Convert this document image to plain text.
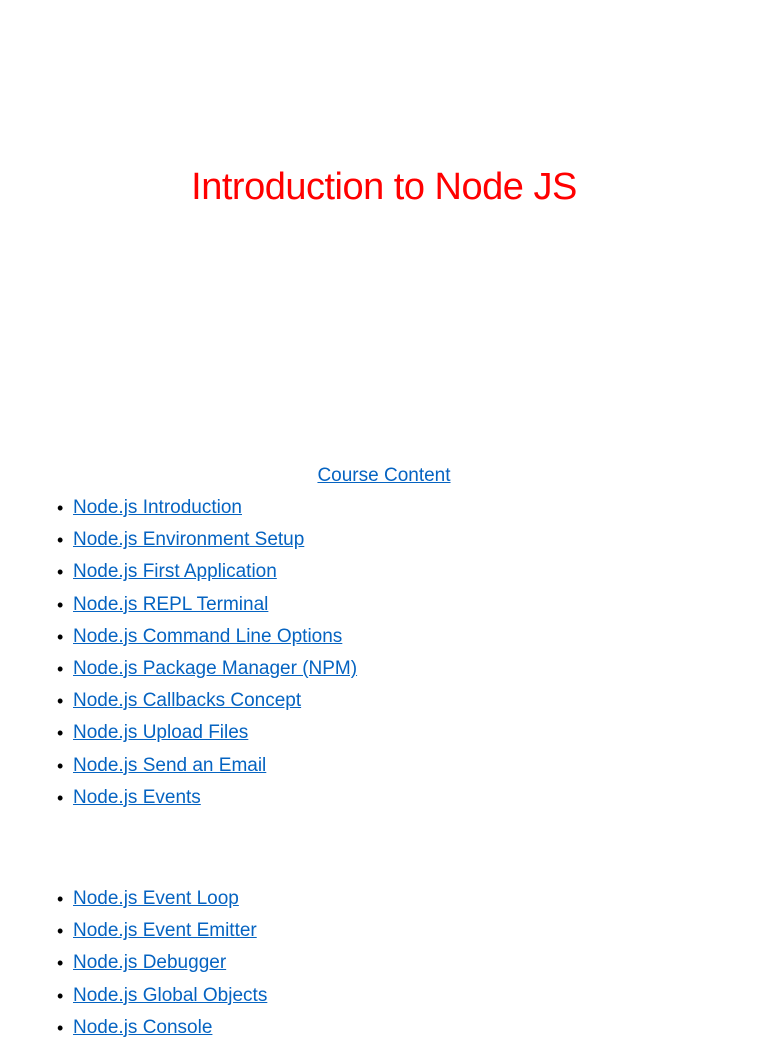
Introduction to Node JS
Course Content
• Node.js Introduction
• Node.js Environment Setup
• Node.js First Application
• Node.js REPL Terminal
• Node.js Command Line Options
• Node.js Package Manager (NPM)
• Node.js Callbacks Concept
• Node.js Upload Files
• Node.js Send an Email
• Node.js Events
• Node.js Event Loop
• Node.js Event Emitter
• Node.js Debugger
• Node.js Global Objects
• Node.js Console
